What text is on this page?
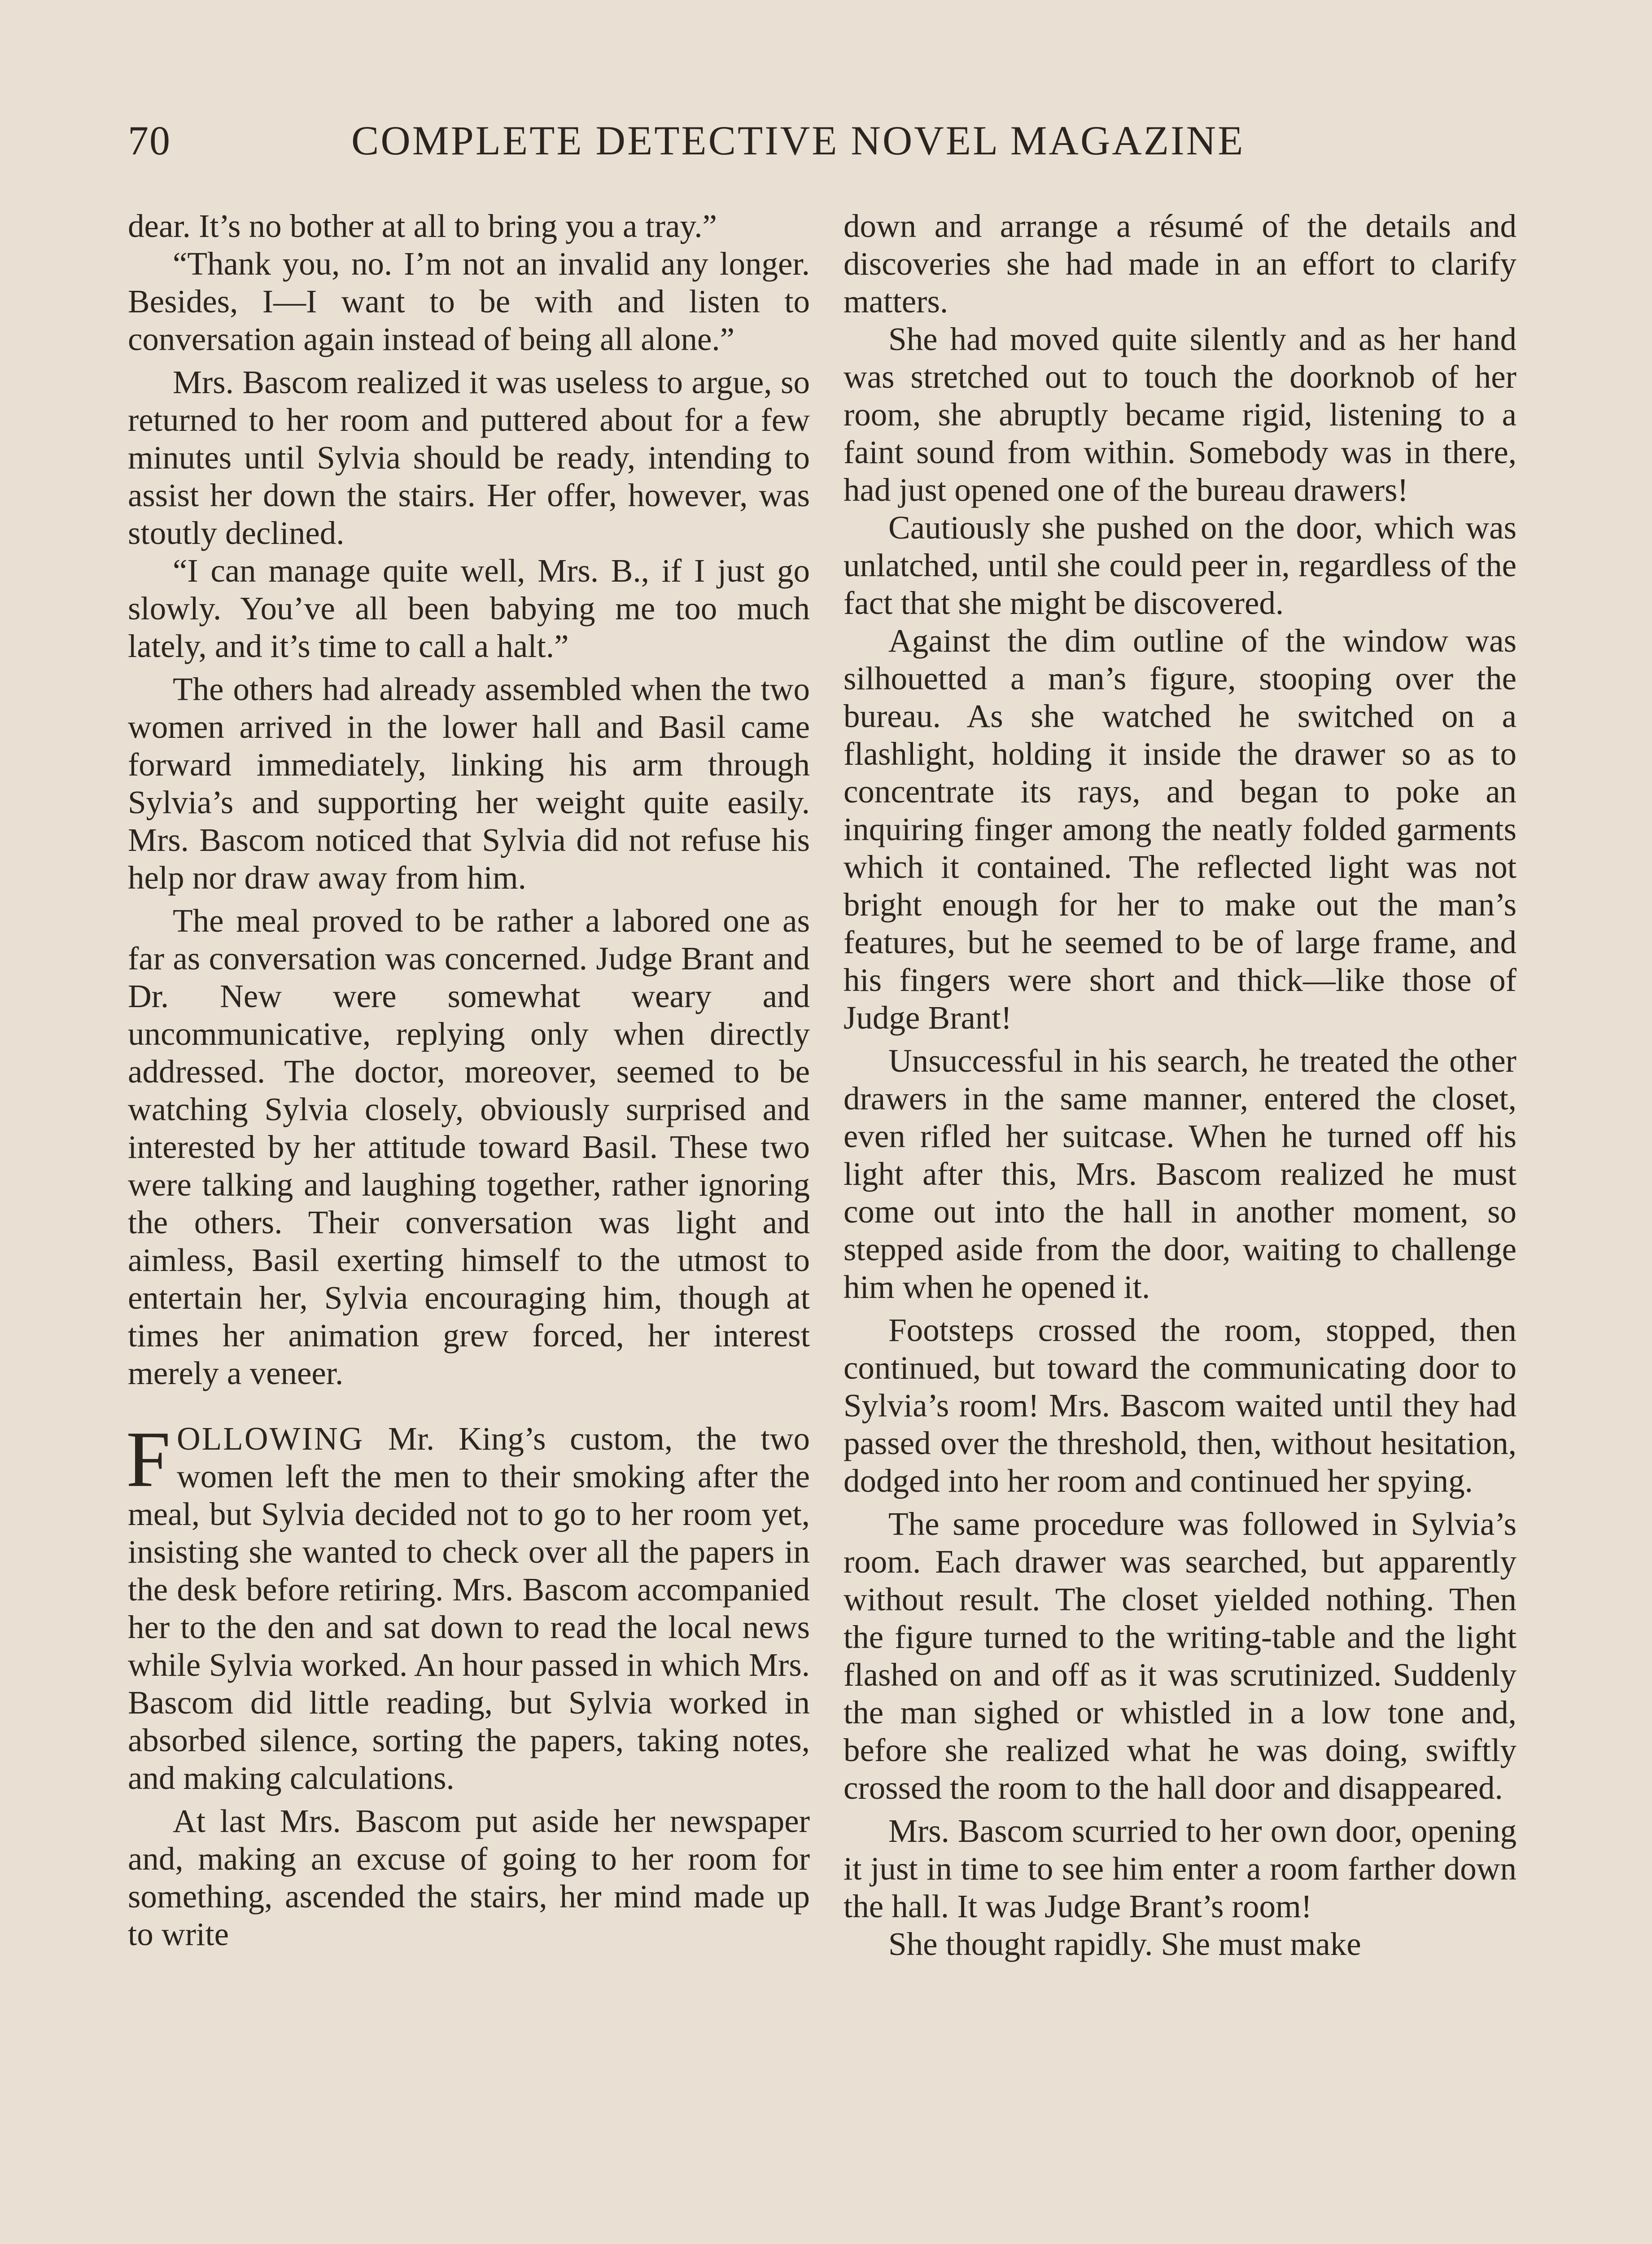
70	COMPLETE DETECTIVE NOVEL MAGAZINE

dear. It’s no bother at all to bring you a tray.”

“Thank you, no. I’m not an invalid any longer. Besides, I—I want to be with and listen to conversation again instead of being all alone.”

Mrs. Bascom realized it was useless to argue, so returned to her room and puttered about for a few minutes until Sylvia should be ready, intending to assist her down the stairs. Her offer, however, was stoutly declined.

“I can manage quite well, Mrs. B., if I just go slowly. You’ve all been babying me too much lately, and it’s time to call a halt.”

The others had already assembled when the two women arrived in the lower hall and Basil came forward immediately, linking his arm through Sylvia’s and supporting her weight quite easily. Mrs. Bascom noticed that Sylvia did not refuse his help nor draw away from him.

The meal proved to be rather a labored one as far as conversation was concerned. Judge Brant and Dr. New were somewhat weary and uncommunicative, replying only when directly addressed. The doctor, moreover, seemed to be watching Sylvia closely, obviously surprised and interested by her attitude toward Basil. These two were talking and laughing together, rather ignoring the others. Their conversation was light and aimless, Basil exerting himself to the utmost to entertain her, Sylvia encouraging him, though at times her animation grew forced, her interest merely a veneer.

FOLLOWING Mr. King’s custom, the two women left the men to their smoking after the meal, but Sylvia decided not to go to her room yet, insisting she wanted to check over all the papers in the desk before retiring. Mrs. Bascom accompanied her to the den and sat down to read the local news while Sylvia worked. An hour passed in which Mrs. Bascom did little reading, but Sylvia worked in absorbed silence, sorting the papers, taking notes, and making calculations.

At last Mrs. Bascom put aside her newspaper and, making an excuse of going to her room for something, ascended the stairs, her mind made up to write

down and arrange a résumé of the details and discoveries she had made in an effort to clarify matters.

She had moved quite silently and as her hand was stretched out to touch the doorknob of her room, she abruptly became rigid, listening to a faint sound from within. Somebody was in there, had just opened one of the bureau drawers!

Cautiously she pushed on the door, which was unlatched, until she could peer in, regardless of the fact that she might be discovered.

Against the dim outline of the window was silhouetted a man’s figure, stooping over the bureau. As she watched he switched on a flashlight, holding it inside the drawer so as to concentrate its rays, and began to poke an inquiring finger among the neatly folded garments which it contained. The reflected light was not bright enough for her to make out the man’s features, but he seemed to be of large frame, and his fingers were short and thick—like those of Judge Brant!

Unsuccessful in his search, he treated the other drawers in the same manner, entered the closet, even rifled her suitcase. When he turned off his light after this, Mrs. Bascom realized he must come out into the hall in another moment, so stepped aside from the door, waiting to challenge him when he opened it.

Footsteps crossed the room, stopped, then continued, but toward the communicating door to Sylvia’s room! Mrs. Bascom waited until they had passed over the threshold, then, without hesitation, dodged into her room and continued her spying.

The same procedure was followed in Sylvia’s room. Each drawer was searched, but apparently without result. The closet yielded nothing. Then the figure turned to the writing-table and the light flashed on and off as it was scrutinized. Suddenly the man sighed or whistled in a low tone and, before she realized what he was doing, swiftly crossed the room to the hall door and disappeared.

Mrs. Bascom scurried to her own door, opening it just in time to see him enter a room farther down the hall. It was Judge Brant’s room!

She thought rapidly. She must make
